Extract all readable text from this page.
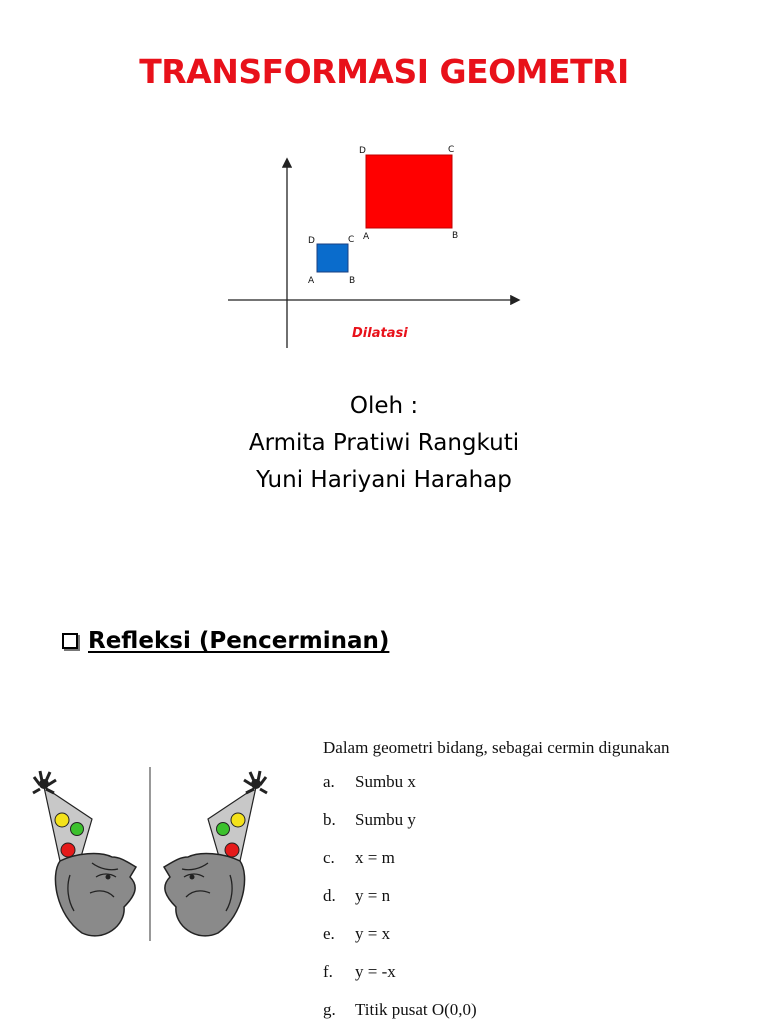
TRANSFORMASI GEOMETRI
D	C
A	B
D	C
A	B
Dilatasi
Oleh :
Armita Pratiwi Rangkuti
Yuni Hariyani Harahap
Refleksi (Pencerminan)
Dalam geometri bidang, sebagai cermin digunakan
a.	Sumbu x
b.	Sumbu y
c.	x = m
d.	y = n
e.	y = x
f.	y = -x
g.	Titik pusat O(0,0)
